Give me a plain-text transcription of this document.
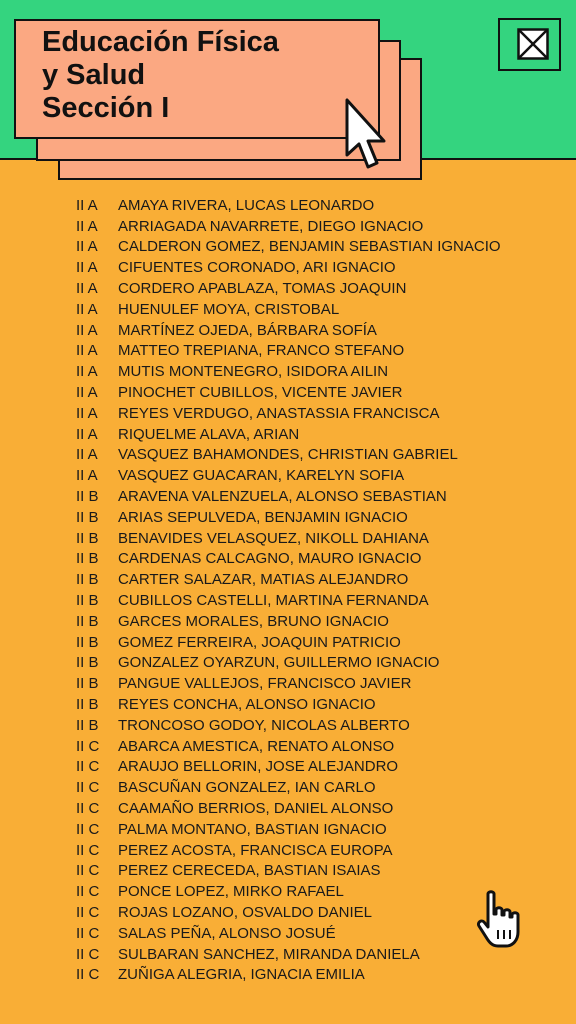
Educación Física
y Salud
Sección I
II A	AMAYA RIVERA, LUCAS LEONARDO
II A	ARRIAGADA NAVARRETE, DIEGO IGNACIO
II A	CALDERON GOMEZ, BENJAMIN SEBASTIAN IGNACIO
II A	CIFUENTES CORONADO, ARI IGNACIO
II A	CORDERO APABLAZA, TOMAS JOAQUIN
II A	HUENULEF MOYA, CRISTOBAL
II A	MARTÍNEZ OJEDA, BÁRBARA SOFÍA
II A	MATTEO TREPIANA, FRANCO STEFANO
II A	MUTIS MONTENEGRO, ISIDORA AILIN
II A	PINOCHET CUBILLOS, VICENTE JAVIER
II A	REYES VERDUGO, ANASTASSIA FRANCISCA
II A	RIQUELME ALAVA, ARIAN
II A	VASQUEZ BAHAMONDES, CHRISTIAN GABRIEL
II A	VASQUEZ GUACARAN, KARELYN SOFIA
II B	ARAVENA VALENZUELA, ALONSO SEBASTIAN
II B	ARIAS SEPULVEDA, BENJAMIN IGNACIO
II B	BENAVIDES VELASQUEZ, NIKOLL DAHIANA
II B	CARDENAS CALCAGNO, MAURO IGNACIO
II B	CARTER SALAZAR, MATIAS ALEJANDRO
II B	CUBILLOS CASTELLI, MARTINA FERNANDA
II B	GARCES MORALES, BRUNO IGNACIO
II B	GOMEZ FERREIRA, JOAQUIN PATRICIO
II B	GONZALEZ OYARZUN, GUILLERMO IGNACIO
II B	PANGUE VALLEJOS, FRANCISCO JAVIER
II B	REYES CONCHA, ALONSO IGNACIO
II B	TRONCOSO GODOY, NICOLAS ALBERTO
II C	ABARCA AMESTICA, RENATO ALONSO
II C	ARAUJO BELLORIN, JOSE ALEJANDRO
II C	BASCUÑAN GONZALEZ, IAN CARLO
II C	CAAMAÑO BERRIOS, DANIEL ALONSO
II C	PALMA MONTANO, BASTIAN IGNACIO
II C	PEREZ ACOSTA, FRANCISCA EUROPA
II C	PEREZ CERECEDA, BASTIAN ISAIAS
II C	PONCE LOPEZ, MIRKO RAFAEL
II C	ROJAS LOZANO, OSVALDO DANIEL
II C	SALAS PEÑA, ALONSO JOSUÉ
II C	SULBARAN SANCHEZ, MIRANDA DANIELA
II C	ZUÑIGA ALEGRIA, IGNACIA EMILIA
